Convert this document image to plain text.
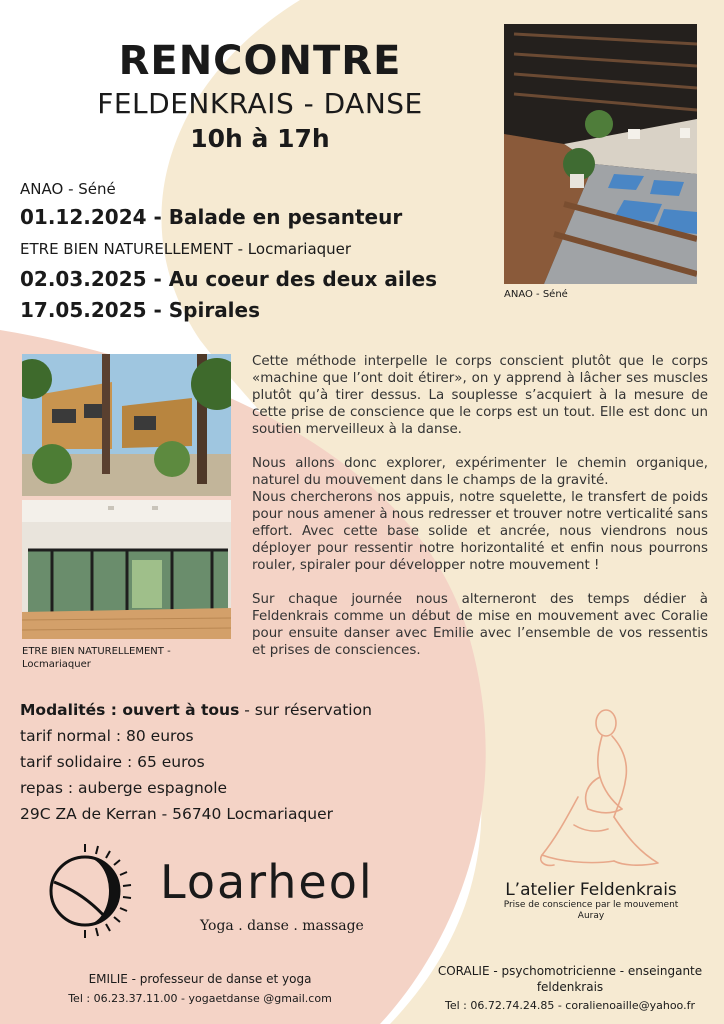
RENCONTRE
FELDENKRAIS - DANSE
10h à 17h
ANAO - Séné
01.12.2024 - Balade en pesanteur
ETRE BIEN NATURELLEMENT - Locmariaquer
02.03.2025 - Au coeur des deux ailes
17.05.2025 - Spirales
ANAO - Séné
ETRE BIEN NATURELLEMENT -
Locmariaquer

Cette méthode interpelle le corps conscient plutôt que le corps «machine que l’ont doit étirer», on y apprend à lâcher ses muscles plutôt qu’à tirer dessus. La souplesse s’acquiert à la mesure de cette prise de conscience que le corps est un tout. Elle est donc un soutien merveilleux à la danse.

Nous allons donc explorer, expérimenter le chemin organique, naturel du mouvement dans le champs de la gravité.

Nous chercherons nos appuis, notre squelette, le transfert de poids pour nous amener à nous redresser et trouver notre verticalité sans effort. Avec cette base solide et ancrée, nous viendrons nous déployer pour ressentir notre horizontalité et enfin nous pourrons rouler, spiraler pour développer notre mouvement !

Sur chaque journée nous alterneront des temps dédier à Feldenkrais comme un début de mise en mouvement avec Coralie pour ensuite danser avec Emilie avec l’ensemble de vos ressentis et prises de consciences.

Modalités : ouvert à tous - sur réservation
tarif normal : 80 euros
tarif solidaire : 65 euros
repas : auberge espagnole
29C ZA de Kerran - 56740 Locmariaquer
Loarheol
Yoga . danse . massage
L’atelier Feldenkrais
Prise de conscience par le mouvement
Auray
EMILIE - professeur de danse et yoga
Tel : 06.23.37.11.00 - yogaetdanse @gmail.com
CORALIE - psychomotricienne - enseingante
feldenkrais
Tel : 06.72.74.24.85 - coralienoaille@yahoo.fr
